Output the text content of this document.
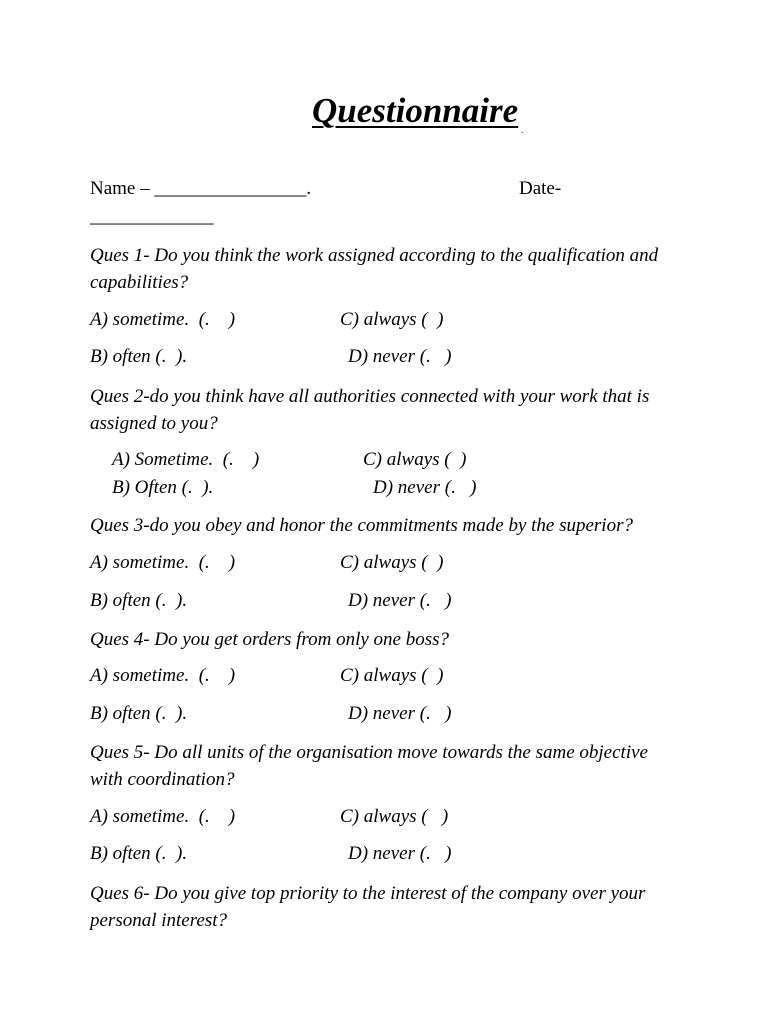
Questionnaire .
Name – ________________.	Date-
_____________
Ques 1- Do you think the work assigned according to the qualification and capabilities?
A) sometime.  (.    )	C) always (  )
B) often (.  ).	D) never (.   )
Ques 2-do you think have all authorities connected with your work that is assigned to you?
A) Sometime.  (.    )	C) always (  )
B) Often (.  ).	D) never (.   )
Ques 3-do you obey and honor the commitments made by the superior?
A) sometime.  (.    )	C) always (  )
B) often (.  ).	D) never (.   )
Ques 4- Do you get orders from only one boss?
A) sometime.  (.    )	C) always (  )
B) often (.  ).	D) never (.   )
Ques 5- Do all units of the organisation move towards the same objective with coordination?
A) sometime.  (.    )	C) always (   )
B) often (.  ).	D) never (.   )
Ques 6- Do you give top priority to the interest of the company over your personal interest?
